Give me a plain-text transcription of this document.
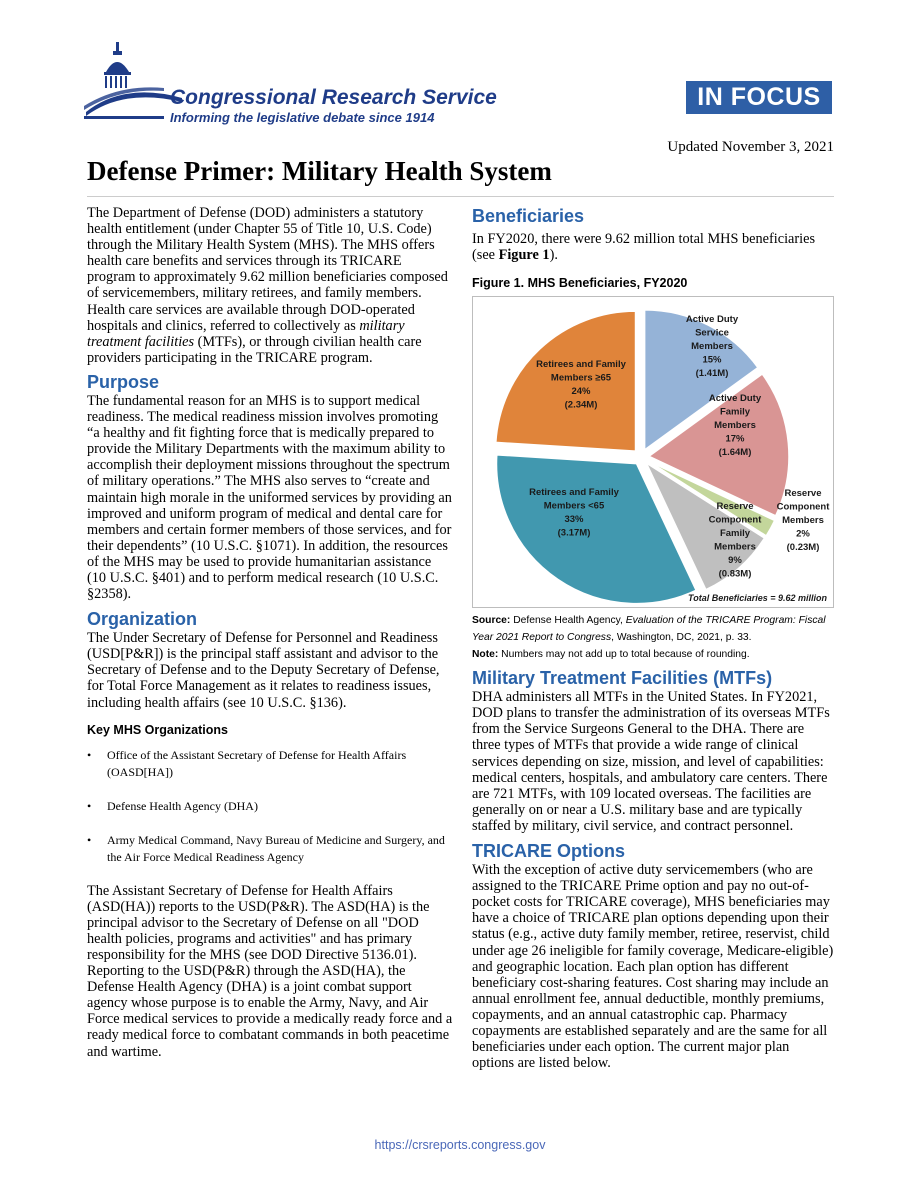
Congressional Research Service
Informing the legislative debate since 1914
IN FOCUS
Updated November 3, 2021
Defense Primer: Military Health System

The Department of Defense (DOD) administers a statutory health entitlement (under Chapter 55 of Title 10, U.S. Code) through the Military Health System (MHS). The MHS offers health care benefits and services through its TRICARE program to approximately 9.62 million beneficiaries composed of servicemembers, military retirees, and family members. Health care services are available through DOD-operated hospitals and clinics, referred to collectively as military treatment facilities (MTFs), or through civilian health care providers participating in the TRICARE program.

Purpose

The fundamental reason for an MHS is to support medical readiness. The medical readiness mission involves promoting “a healthy and fit fighting force that is medically prepared to provide the Military Departments with the maximum ability to accomplish their deployment missions throughout the spectrum of military operations.” The MHS also serves to “create and maintain high morale in the uniformed services by providing an improved and uniform program of medical and dental care for members and certain former members of those services, and for their dependents” (10 U.S.C. §1071). In addition, the resources of the MHS may be used to provide humanitarian assistance (10 U.S.C. §401) and to perform medical research (10 U.S.C. §2358).

Organization

The Under Secretary of Defense for Personnel and Readiness (USD[P&R]) is the principal staff assistant and advisor to the Secretary of Defense and to the Deputy Secretary of Defense, for Total Force Management as it relates to readiness issues, including health affairs (see 10 U.S.C. §136).

Key MHS Organizations
• Office of the Assistant Secretary of Defense for Health Affairs (OASD[HA])
• Defense Health Agency (DHA)
• Army Medical Command, Navy Bureau of Medicine and Surgery, and the Air Force Medical Readiness Agency

The Assistant Secretary of Defense for Health Affairs (ASD(HA)) reports to the USD(P&R). The ASD(HA) is the principal advisor to the Secretary of Defense on all "DOD health policies, programs and activities" and has primary responsibility for the MHS (see DOD Directive 5136.01). Reporting to the USD(P&R) through the ASD(HA), the Defense Health Agency (DHA) is a joint combat support agency whose purpose is to enable the Army, Navy, and Air Force medical services to provide a medically ready force and a ready medical force to combatant commands in both peacetime and wartime.

Beneficiaries

In FY2020, there were 9.62 million total MHS beneficiaries (see Figure 1).

Figure 1. MHS Beneficiaries, FY2020

Active Duty Service Members 15% (1.41M)
Active Duty Family Members 17% (1.64M)
Reserve Component Members 2% (0.23M)
Reserve Component Family Members 9% (0.83M)
Retirees and Family Members <65 33% (3.17M)
Retirees and Family Members ≥65 24% (2.34M)
Total Beneficiaries = 9.62 million

Source: Defense Health Agency, Evaluation of the TRICARE Program: Fiscal Year 2021 Report to Congress, Washington, DC, 2021, p. 33.

Note: Numbers may not add up to total because of rounding.

Military Treatment Facilities (MTFs)

DHA administers all MTFs in the United States. In FY2021, DOD plans to transfer the administration of its overseas MTFs from the Service Surgeons General to the DHA. There are three types of MTFs that provide a wide range of clinical services depending on size, mission, and level of capabilities: medical centers, hospitals, and ambulatory care centers. There are 721 MTFs, with 109 located overseas. The facilities are generally on or near a U.S. military base and are typically staffed by military, civil service, and contract personnel.

TRICARE Options

With the exception of active duty servicemembers (who are assigned to the TRICARE Prime option and pay no out-of-pocket costs for TRICARE coverage), MHS beneficiaries may have a choice of TRICARE plan options depending upon their status (e.g., active duty family member, retiree, reservist, child under age 26 ineligible for family coverage, Medicare-eligible) and geographic location. Each plan option has different beneficiary cost-sharing features. Cost sharing may include an annual enrollment fee, annual deductible, monthly premiums, copayments, and an annual catastrophic cap. Pharmacy copayments are established separately and are the same for all beneficiaries under each option. The current major plan options are listed below.

https://crsreports.congress.gov
